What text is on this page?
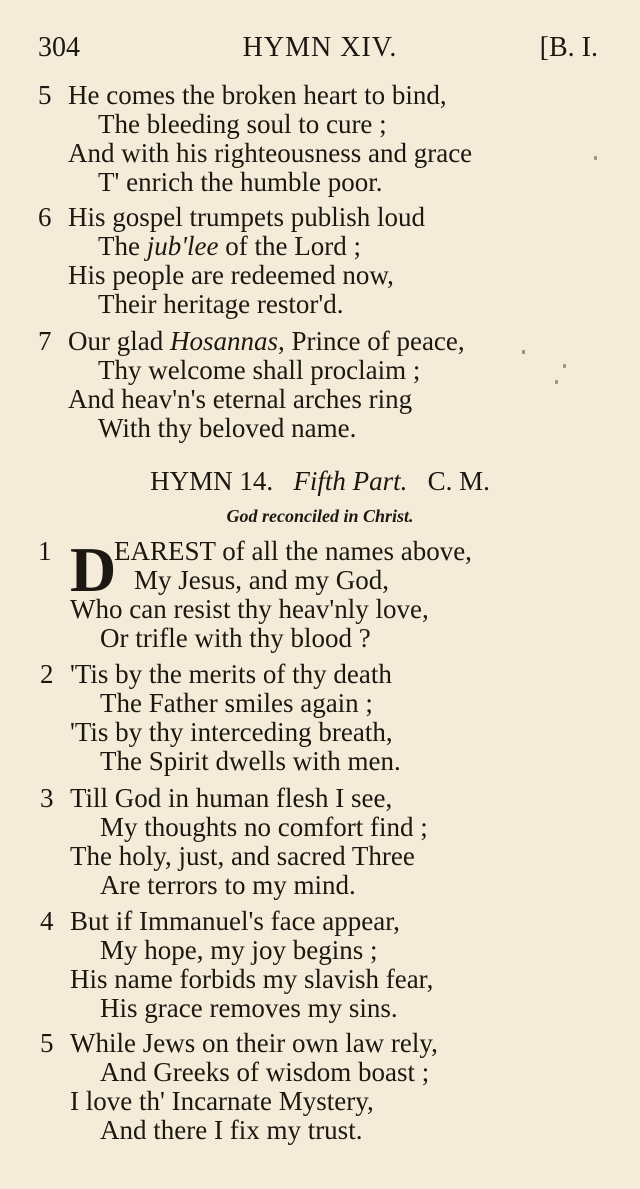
304	HYMN XIV.	[B. I.
5 He comes the broken heart to bind,
The bleeding soul to cure ;
And with his righteousness and grace
T' enrich the humble poor.
6 His gospel trumpets publish loud
The jub'lee of the Lord ;
His people are redeemed now,
Their heritage restor'd.
7 Our glad Hosannas, Prince of peace,
Thy welcome shall proclaim ;
And heav'n's eternal arches ring
With thy beloved name.
HYMN 14. Fifth Part. C. M.
God reconciled in Christ.
1 D
EAREST of all the names above,
My Jesus, and my God,
Who can resist thy heav'nly love,
Or trifle with thy blood ?
2 'Tis by the merits of thy death
The Father smiles again ;
'Tis by thy interceding breath,
The Spirit dwells with men.
3 Till God in human flesh I see,
My thoughts no comfort find ;
The holy, just, and sacred Three
Are terrors to my mind.
4 But if Immanuel's face appear,
My hope, my joy begins ;
His name forbids my slavish fear,
His grace removes my sins.
5 While Jews on their own law rely,
And Greeks of wisdom boast ;
I love th' Incarnate Mystery,
And there I fix my trust.
